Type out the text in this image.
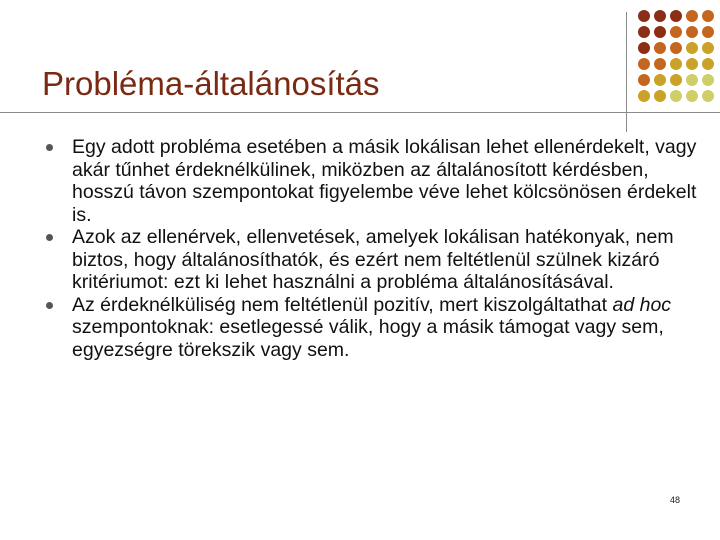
Probléma-általánosítás
Egy adott probléma esetében a másik lokálisan lehet ellenérdekelt, vagy akár tűnhet érdeknélkülinek, miközben az általánosított kérdésben, hosszú távon szempontokat figyelembe véve lehet kölcsönösen érdekelt is.
Azok az ellenérvek, ellenvetések, amelyek lokálisan hatékonyak, nem biztos, hogy általánosíthatók, és ezért nem feltétlenül szülnek kizáró kritériumot: ezt ki lehet használni a probléma általánosításával.
Az érdeknélküliség nem feltétlenül pozitív, mert kiszolgáltathat ad hoc szempontoknak: esetlegessé válik, hogy a másik támogat vagy sem, egyezségre törekszik vagy sem.
48
